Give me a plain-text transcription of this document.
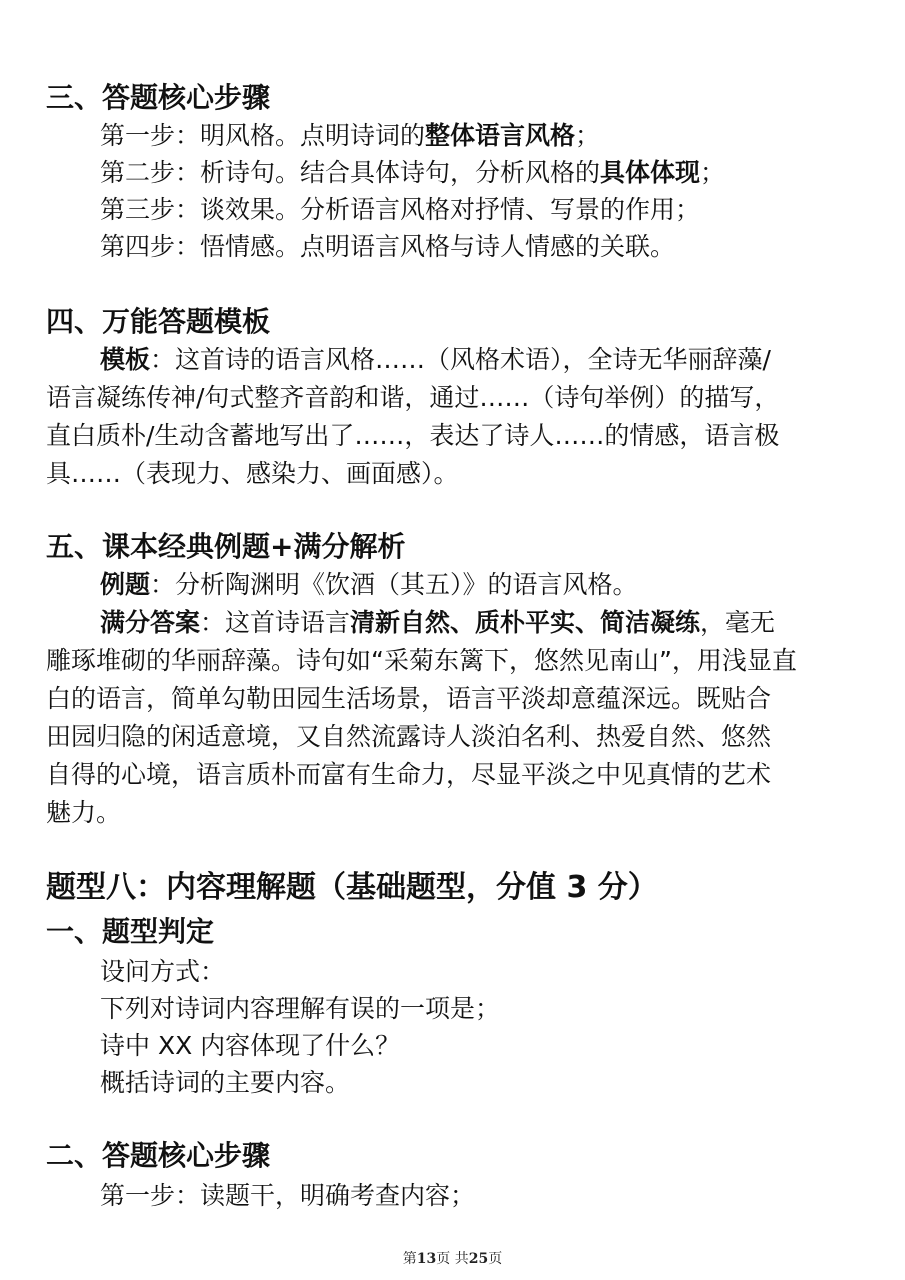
三、答题核心步骤
第一步：明风格。点明诗词的整体语言风格；
第二步：析诗句。结合具体诗句，分析风格的具体体现；
第三步：谈效果。分析语言风格对抒情、写景的作用；
第四步：悟情感。点明语言风格与诗人情感的关联。
四、万能答题模板
模板：这首诗的语言风格……（风格术语），全诗无华丽辞藻/
语言凝练传神/句式整齐音韵和谐，通过……（诗句举例）的描写，
直白质朴/生动含蓄地写出了……，表达了诗人……的情感，语言极
具……（表现力、感染力、画面感）。
五、课本经典例题+满分解析
例题：分析陶渊明《饮酒（其五）》的语言风格。
满分答案：这首诗语言清新自然、质朴平实、简洁凝练，毫无
雕琢堆砌的华丽辞藻。诗句如“采菊东篱下，悠然见南山”，用浅显直
白的语言，简单勾勒田园生活场景，语言平淡却意蕴深远。既贴合
田园归隐的闲适意境，又自然流露诗人淡泊名利、热爱自然、悠然
自得的心境，语言质朴而富有生命力，尽显平淡之中见真情的艺术
魅力。
题型八：内容理解题（基础题型，分值 3 分）
一、题型判定
设问方式：
下列对诗词内容理解有误的一项是；
诗中 XX 内容体现了什么？
概括诗词的主要内容。
二、答题核心步骤
第一步：读题干，明确考查内容；
第13页 共25页
